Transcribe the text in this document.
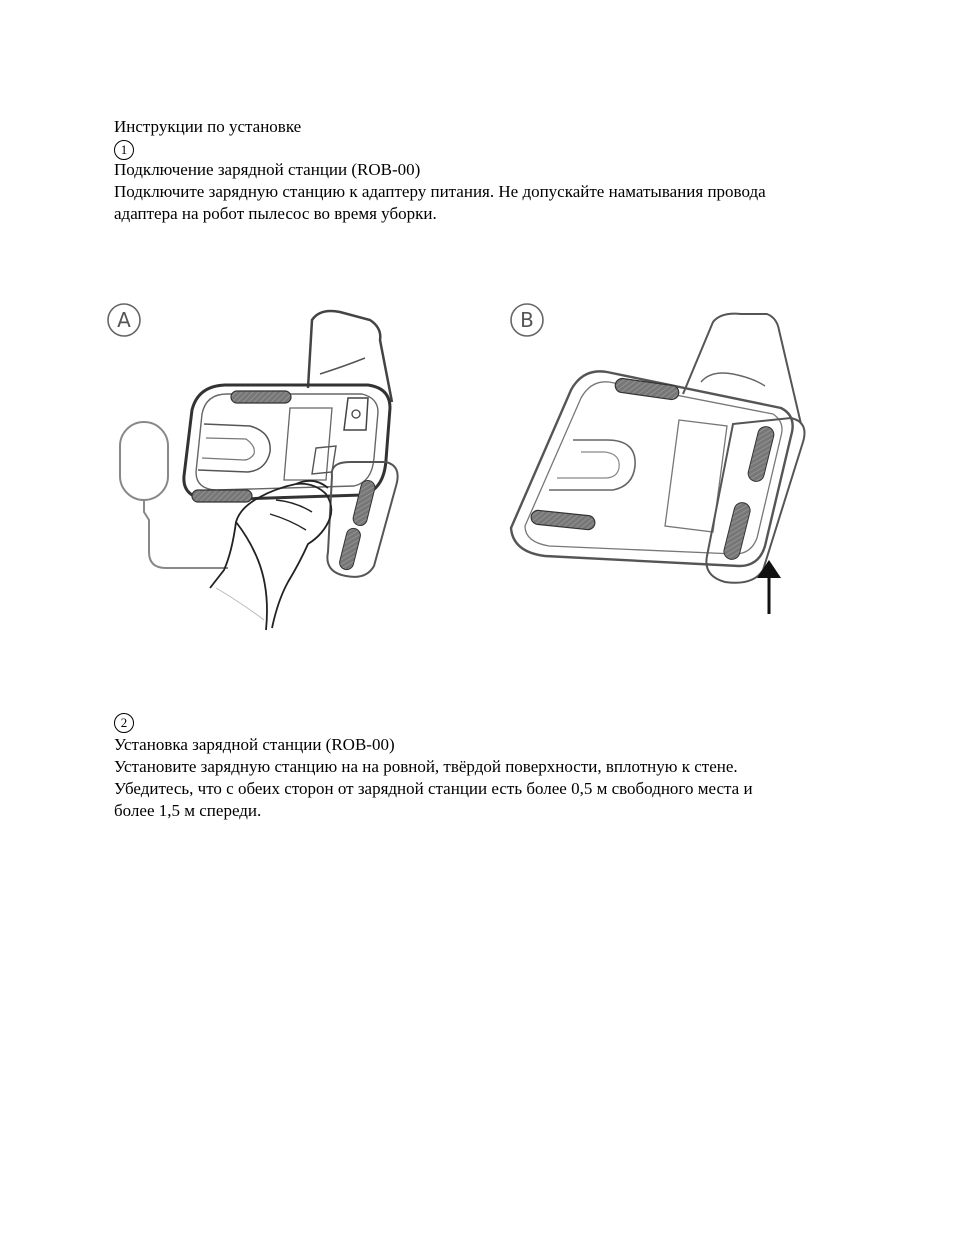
Инструкции по установке
1
Подключение зарядной станции (ROB-00)
Подключите зарядную станцию к адаптеру питания. Не допускайте наматывания провода
адаптера на робот пылесос во время уборки.
A	B
2
Установка зарядной станции (ROB-00)
Установите зарядную станцию на на ровной, твёрдой поверхности, вплотную к стене.
Убедитесь, что с обеих сторон от зарядной станции есть более 0,5 м свободного места и
более 1,5 м спереди.
